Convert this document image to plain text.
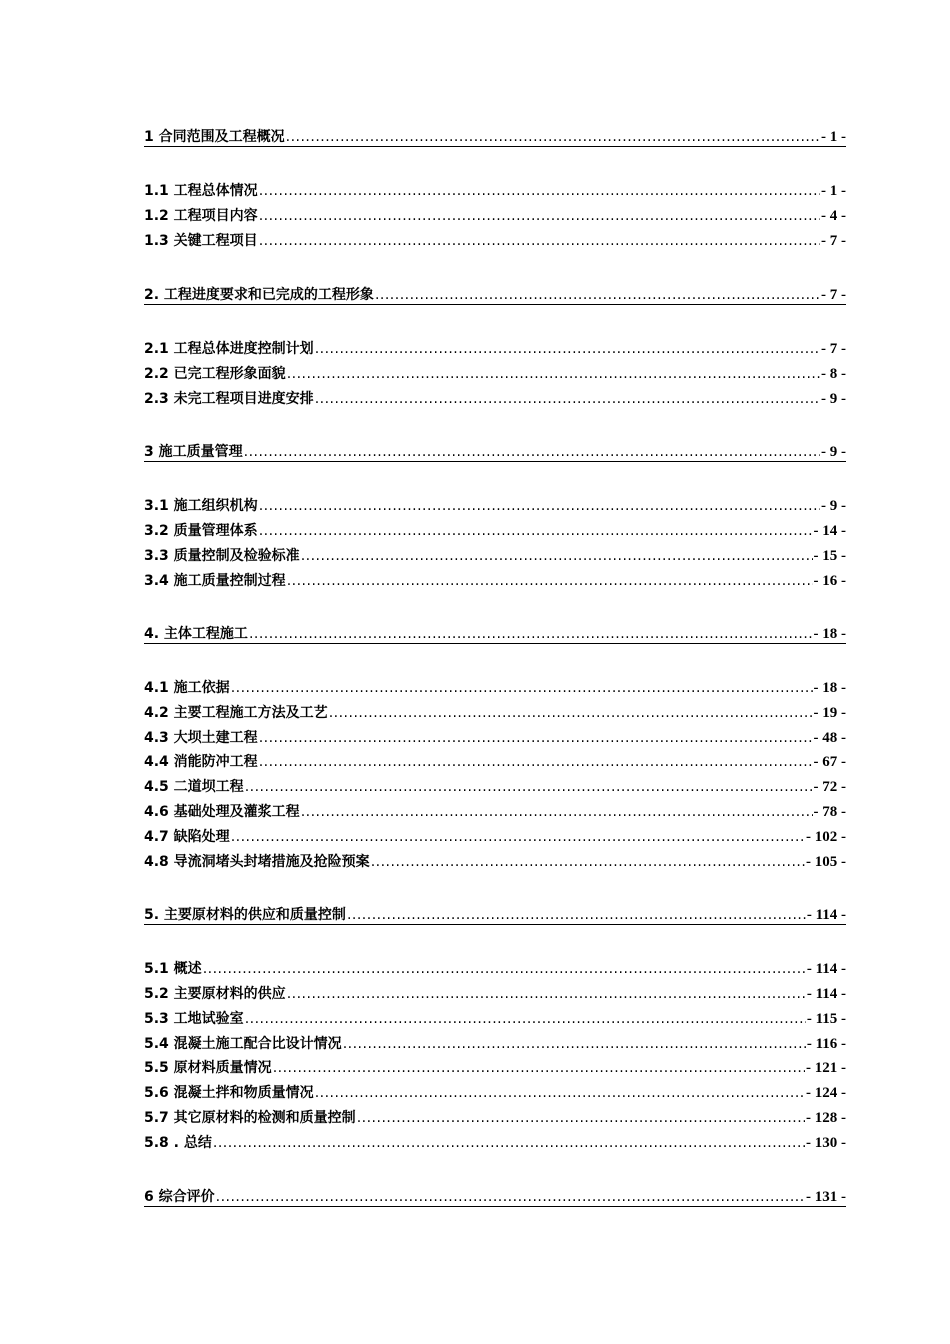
1 合同范围及工程概况 .....	- 1 -
1.1 工程总体情况 .....	- 1 -
1.2 工程项目内容 .....	- 4 -
1.3 关键工程项目 .....	- 7 -
2. 工程进度要求和已完成的工程形象 .....	- 7 -
2.1 工程总体进度控制计划 .....	- 7 -
2.2 已完工程形象面貌 .....	- 8 -
2.3 未完工程项目进度安排 .....	- 9 -
3 施工质量管理 .....	- 9 -
3.1 施工组织机构 .....	- 9 -
3.2 质量管理体系 .....	- 14 -
3.3 质量控制及检验标准 .....	- 15 -
3.4 施工质量控制过程 .....	- 16 -
4. 主体工程施工 .....	- 18 -
4.1 施工依据 .....	- 18 -
4.2 主要工程施工方法及工艺 .....	- 19 -
4.3 大坝土建工程 .....	- 48 -
4.4 消能防冲工程 .....	- 67 -
4.5 二道坝工程 .....	- 72 -
4.6 基础处理及灌浆工程 .....	- 78 -
4.7 缺陷处理 .....	- 102 -
4.8 导流洞堵头封堵措施及抢险预案 .....	- 105 -
5. 主要原材料的供应和质量控制 .....	- 114 -
5.1 概述 .....	- 114 -
5.2 主要原材料的供应 .....	- 114 -
5.3 工地试验室 .....	- 115 -
5.4 混凝土施工配合比设计情况 .....	- 116 -
5.5 原材料质量情况 .....	- 121 -
5.6 混凝土拌和物质量情况 .....	- 124 -
5.7 其它原材料的检测和质量控制 .....	- 128 -
5.8 . 总结 .....	- 130 -
6 综合评价 .....	- 131 -
